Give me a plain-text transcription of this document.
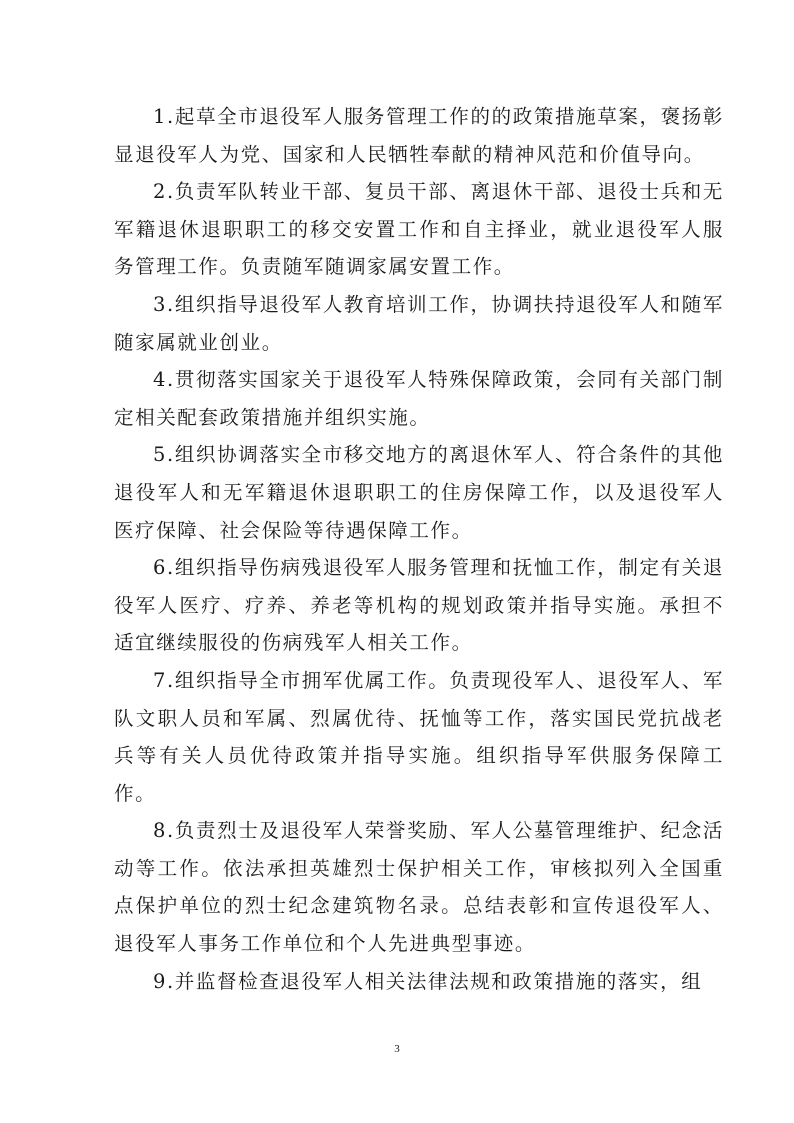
1.起草全市退役军人服务管理工作的的政策措施草案，褒扬彰显退役军人为党、国家和人民牺牲奉献的精神风范和价值导向。

2.负责军队转业干部、复员干部、离退休干部、退役士兵和无军籍退休退职职工的移交安置工作和自主择业，就业退役军人服务管理工作。负责随军随调家属安置工作。

3.组织指导退役军人教育培训工作，协调扶持退役军人和随军随家属就业创业。

4.贯彻落实国家关于退役军人特殊保障政策，会同有关部门制定相关配套政策措施并组织实施。

5.组织协调落实全市移交地方的离退休军人、符合条件的其他退役军人和无军籍退休退职职工的住房保障工作，以及退役军人医疗保障、社会保险等待遇保障工作。

6.组织指导伤病残退役军人服务管理和抚恤工作，制定有关退役军人医疗、疗养、养老等机构的规划政策并指导实施。承担不适宜继续服役的伤病残军人相关工作。

7.组织指导全市拥军优属工作。负责现役军人、退役军人、军队文职人员和军属、烈属优待、抚恤等工作，落实国民党抗战老兵等有关人员优待政策并指导实施。组织指导军供服务保障工作。

8.负责烈士及退役军人荣誉奖励、军人公墓管理维护、纪念活动等工作。依法承担英雄烈士保护相关工作，审核拟列入全国重点保护单位的烈士纪念建筑物名录。总结表彰和宣传退役军人、退役军人事务工作单位和个人先进典型事迹。

9.并监督检查退役军人相关法律法规和政策措施的落实，组

3
